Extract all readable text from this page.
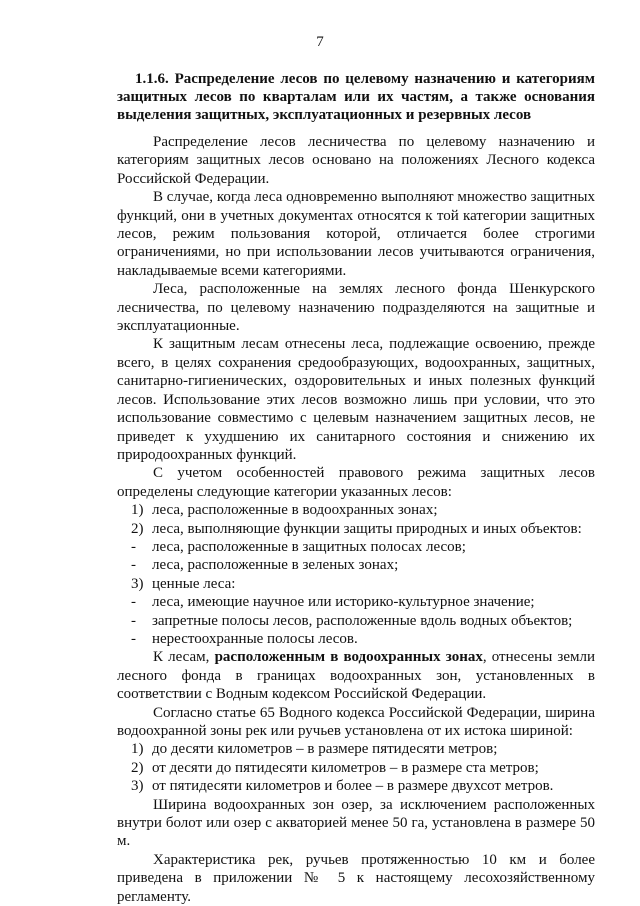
7
1.1.6. Распределение лесов по целевому назначению и категориям защитных лесов по кварталам или их частям, а также основания выделения защитных, эксплуатационных и резервных лесов

Распределение лесов лесничества по целевому назначению и категориям защитных лесов основано на положениях Лесного кодекса Российской Федерации.

В случае, когда леса одновременно выполняют множество защитных функций, они в учетных документах относятся к той категории защитных лесов, режим пользования которой, отличается более строгими ограничениями, но при использовании лесов учитываются ограничения, накладываемые всеми категориями.

Леса, расположенные на землях лесного фонда Шенкурского лесничества, по целевому назначению подразделяются на защитные и эксплуатационные.

К защитным лесам отнесены леса, подлежащие освоению, прежде всего, в целях сохранения средообразующих, водоохранных, защитных, санитарно-гигиенических, оздоровительных и иных полезных функций лесов. Использование этих лесов возможно лишь при условии, что это использование совместимо с целевым назначением защитных лесов, не приведет к ухудшению их санитарного состояния и снижению их природоохранных функций.

С учетом особенностей правового режима защитных лесов определены следующие категории указанных лесов:

1) леса, расположенные в водоохранных зонах;

2) леса, выполняющие функции защиты природных и иных объектов:

- леса, расположенные в защитных полосах лесов;

- леса, расположенные в зеленых зонах;

3) ценные леса:

- леса, имеющие научное или историко-культурное значение;

- запретные полосы лесов, расположенные вдоль водных объектов;

- нерестоохранные полосы лесов.

К лесам, расположенным в водоохранных зонах, отнесены земли лесного фонда в границах водоохранных зон, установленных в соответствии с Водным кодексом Российской Федерации.

Согласно статье 65 Водного кодекса Российской Федерации, ширина водоохранной зоны рек или ручьев установлена от их истока шириной:

1) до десяти километров – в размере пятидесяти метров;

2) от десяти до пятидесяти километров – в размере ста метров;

3) от пятидесяти километров и более – в размере двухсот метров.

Ширина водоохранных зон озер, за исключением расположенных внутри болот или озер с акваторией менее 50 га, установлена в размере 50 м.

Характеристика рек, ручьев протяженностью 10 км и более приведена в приложении № 5 к настоящему лесохозяйственному регламенту.
